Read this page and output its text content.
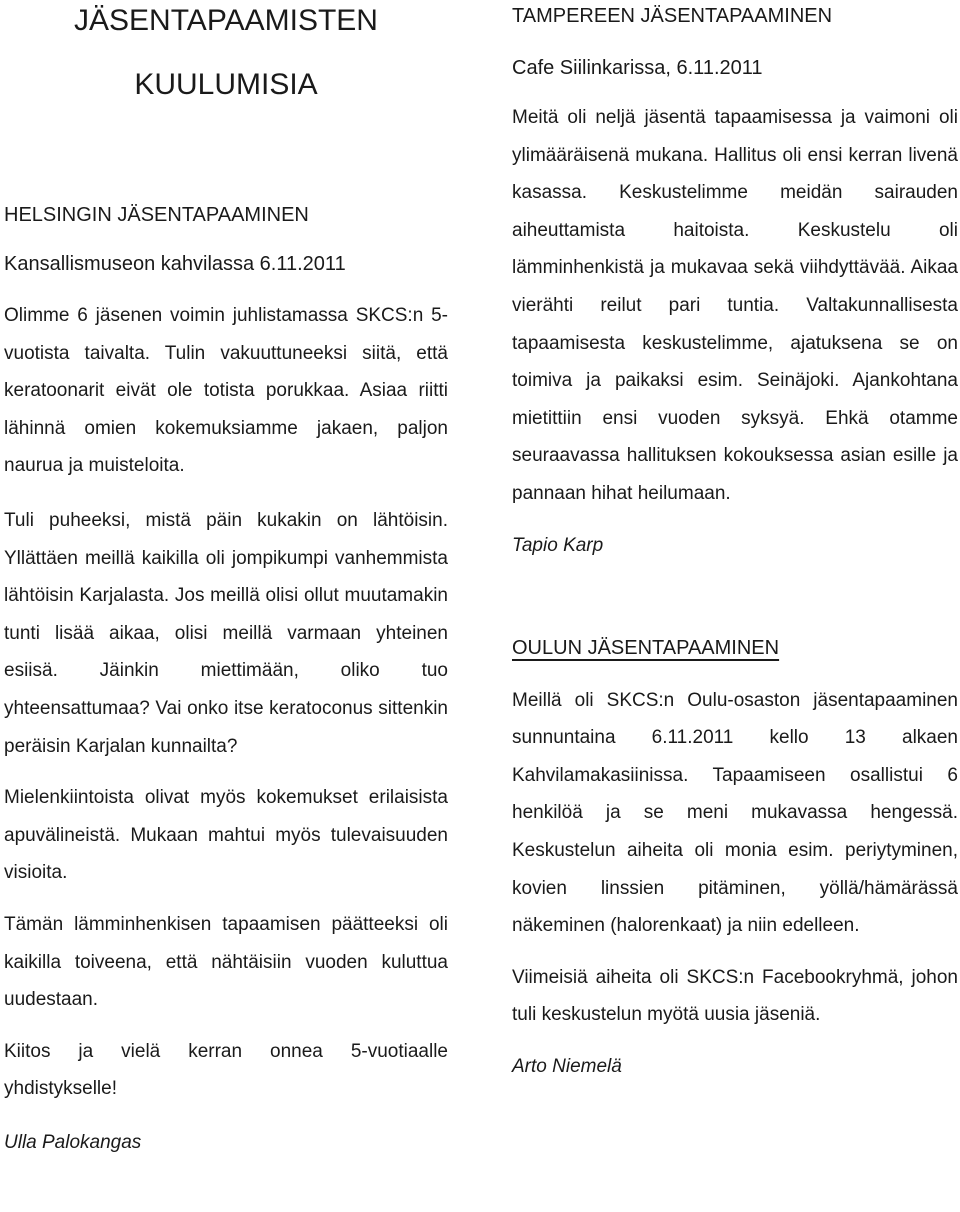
JÄSENTAPAAMISTEN
KUULUMISIA
HELSINGIN JÄSENTAPAAMINEN

Kansallismuseon kahvilassa 6.11.2011

Olimme 6 jäsenen voimin juhlistamassa SKCS:n 5-vuotista taivalta. Tulin vakuuttuneeksi siitä, että keratoonarit eivät ole totista porukkaa. Asiaa riitti lähinnä omien kokemuksiamme jakaen, paljon naurua ja muisteloita.

Tuli puheeksi, mistä päin kukakin on lähtöisin. Yllättäen meillä kaikilla oli jompikumpi vanhemmista lähtöisin Karjalasta. Jos meillä olisi ollut muutamakin tunti lisää aikaa, olisi meillä varmaan yhteinen esiisä. Jäinkin miettimään, oliko tuo yhteensattumaa? Vai onko itse keratoconus sittenkin peräisin Karjalan kunnailta?

Mielenkiintoista olivat myös kokemukset erilaisista apuvälineistä. Mukaan mahtui myös tulevaisuuden visioita.

Tämän lämminhenkisen tapaamisen päätteeksi oli kaikilla toiveena, että nähtäisiin vuoden kuluttua uudestaan.

Kiitos ja vielä kerran onnea 5-vuotiaalle yhdistykselle!

Ulla Palokangas

TAMPEREEN JÄSENTAPAAMINEN

Cafe Siilinkarissa, 6.11.2011

Meitä oli neljä jäsentä tapaamisessa ja vaimoni oli ylimääräisenä mukana. Hallitus oli ensi kerran livenä kasassa. Keskustelimme meidän sairauden aiheuttamista haitoista. Keskustelu oli lämminhenkistä ja mukavaa sekä viihdyttävää. Aikaa vierähti reilut pari tuntia. Valtakunnallisesta tapaamisesta keskustelimme, ajatuksena se on toimiva ja paikaksi esim. Seinäjoki. Ajankohtana mietittiin ensi vuoden syksyä. Ehkä otamme seuraavassa hallituksen kokouksessa asian esille ja pannaan hihat heilumaan.

Tapio Karp

OULUN JÄSENTAPAAMINEN

Meillä oli SKCS:n Oulu-osaston jäsentapaaminen sunnuntaina 6.11.2011 kello 13 alkaen Kahvilamakasiinissa. Tapaamiseen osallistui 6 henkilöä ja se meni mukavassa hengessä. Keskustelun aiheita oli monia esim. periytyminen, kovien linssien pitäminen, yöllä/hämärässä näkeminen (halorenkaat) ja niin edelleen.

Viimeisiä aiheita oli SKCS:n Facebookryhmä, johon tuli keskustelun myötä uusia jäseniä.

Arto Niemelä
